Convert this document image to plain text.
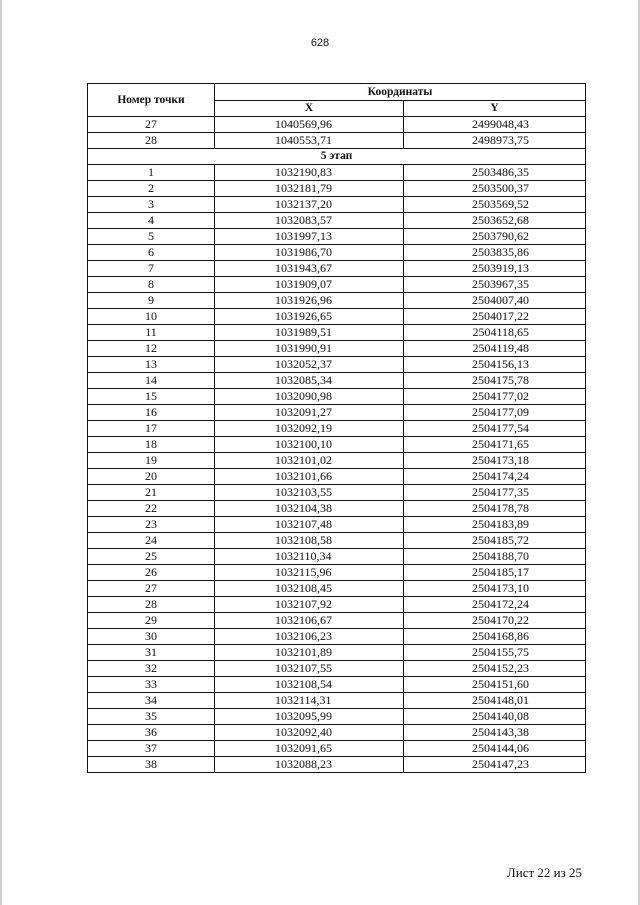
628
Номер точки	Координаты	
	X	Y
27	1040569,96	2499048,43
28	1040553,71	2498973,75
5 этап		
1	1032190,83	2503486,35
2	1032181,79	2503500,37
3	1032137,20	2503569,52
4	1032083,57	2503652,68
5	1031997,13	2503790,62
6	1031986,70	2503835,86
7	1031943,67	2503919,13
8	1031909,07	2503967,35
9	1031926,96	2504007,40
10	1031926,65	2504017,22
11	1031989,51	2504118,65
12	1031990,91	2504119,48
13	1032052,37	2504156,13
14	1032085,34	2504175,78
15	1032090,98	2504177,02
16	1032091,27	2504177,09
17	1032092,19	2504177,54
18	1032100,10	2504171,65
19	1032101,02	2504173,18
20	1032101,66	2504174,24
21	1032103,55	2504177,35
22	1032104,38	2504178,78
23	1032107,48	2504183,89
24	1032108,58	2504185,72
25	1032110,34	2504188,70
26	1032115,96	2504185,17
27	1032108,45	2504173,10
28	1032107,92	2504172,24
29	1032106,67	2504170,22
30	1032106,23	2504168,86
31	1032101,89	2504155,75
32	1032107,55	2504152,23
33	1032108,54	2504151,60
34	1032114,31	2504148,01
35	1032095,99	2504140,08
36	1032092,40	2504143,38
37	1032091,65	2504144,06
38	1032088,23	2504147,23
Лист 22 из 25
